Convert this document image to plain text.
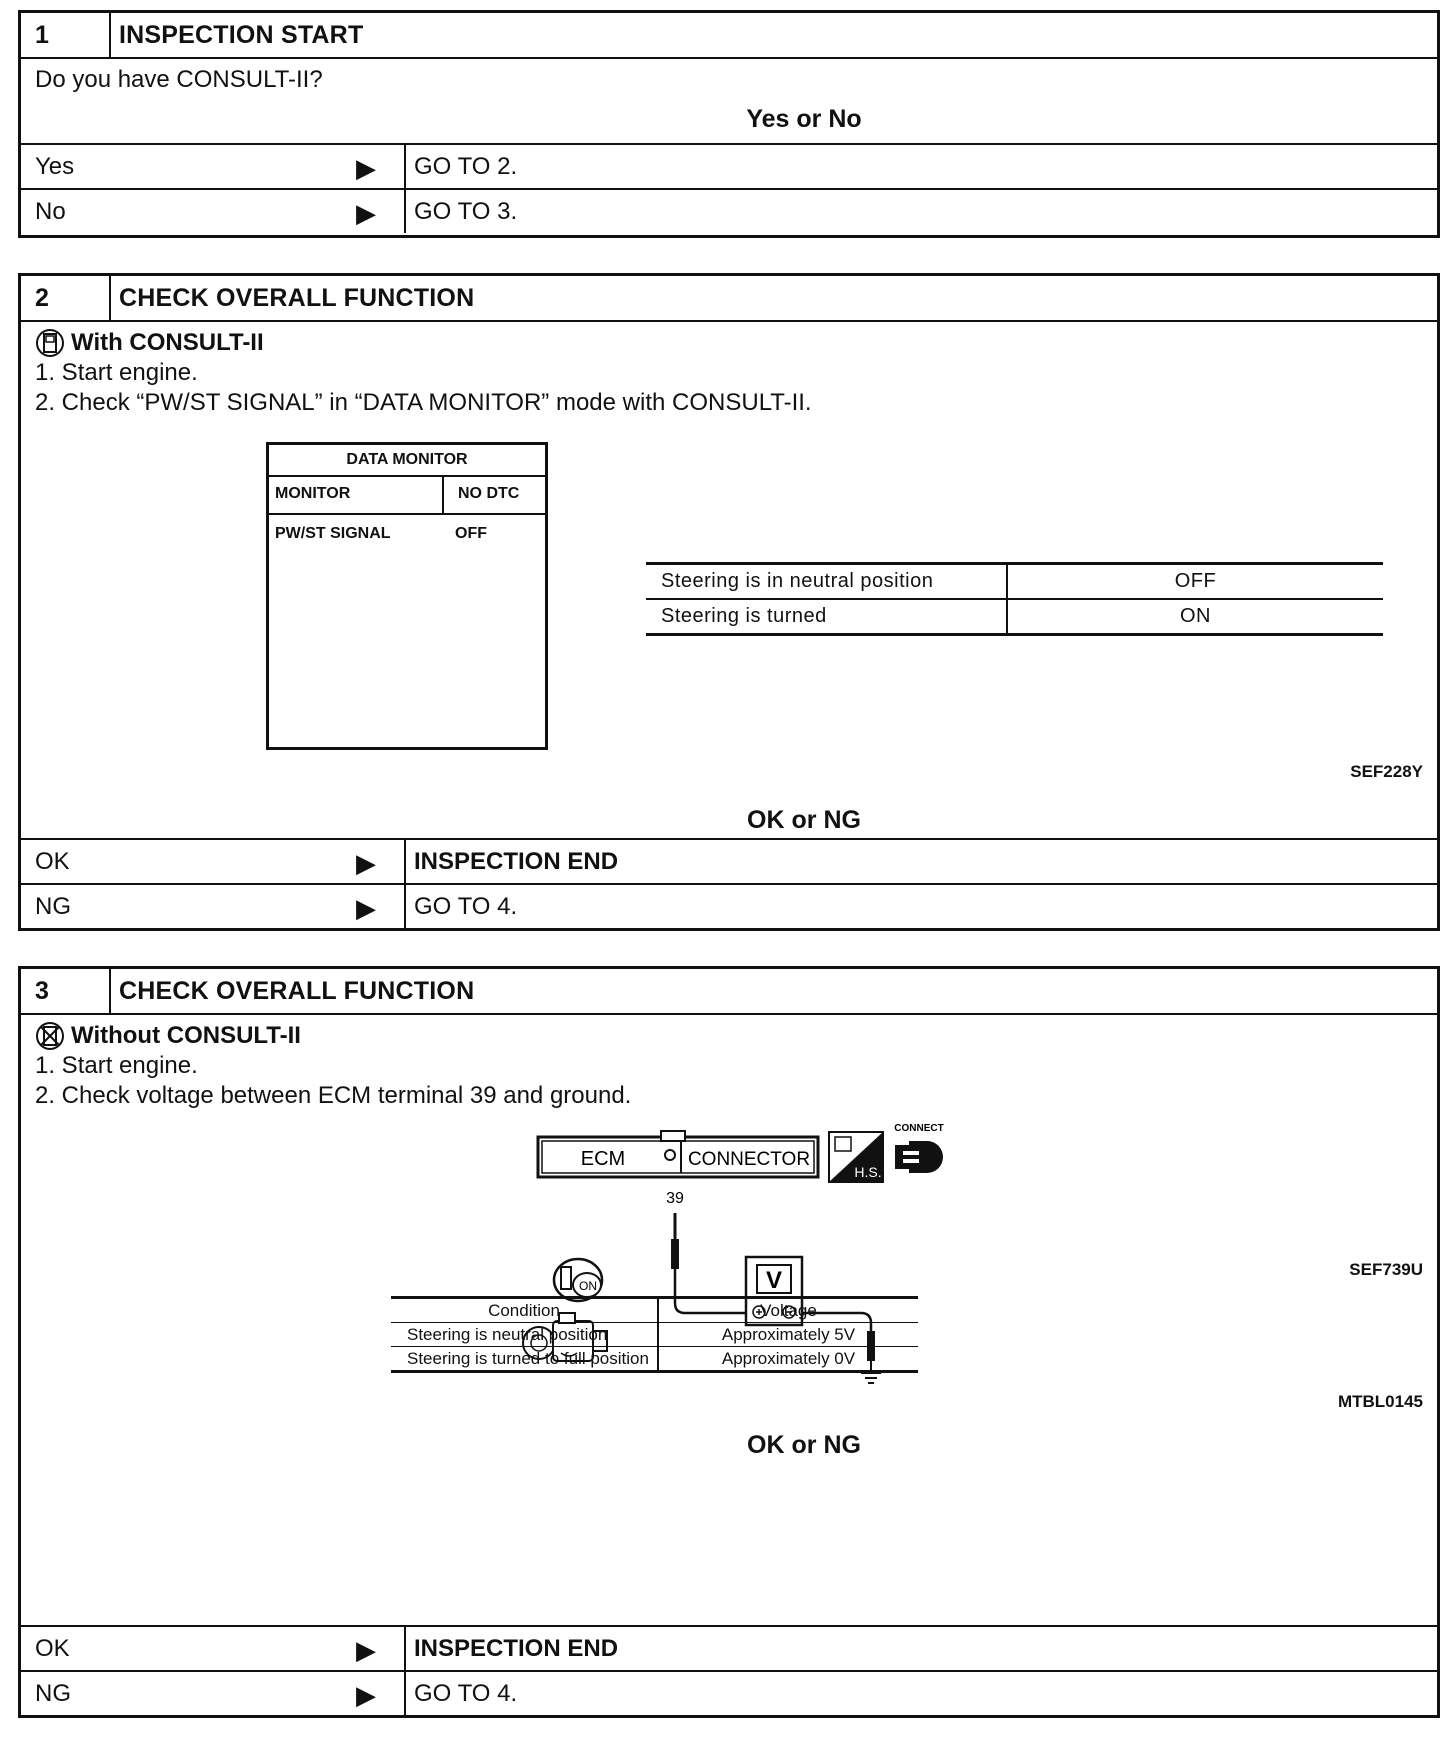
1	INSPECTION START
Do you have CONSULT-II?
Yes or No
Yes	▶	GO TO 2.
No	▶	GO TO 3.
2	CHECK OVERALL FUNCTION
With CONSULT-II
1. Start engine.
2. Check “PW/ST SIGNAL” in “DATA MONITOR” mode with CONSULT-II.
DATA MONITOR
MONITOR	NO DTC
PW/ST SIGNAL	OFF
Steering is in neutral position	OFF
Steering is turned	ON
SEF228Y
OK or NG
OK	▶	INSPECTION END
NG	▶	GO TO 4.
3	CHECK OVERALL FUNCTION
Without CONSULT-II
1. Start engine.
2. Check voltage between ECM terminal 39 and ground.
ECM	CONNECTOR
39
H.S.
CONNECT
V
ON
SEF739U
Condition	Voltage
Steering is neutral position	Approximately 5V
Steering is turned to full position	Approximately 0V
MTBL0145
OK or NG
OK	▶	INSPECTION END
NG	▶	GO TO 4.
